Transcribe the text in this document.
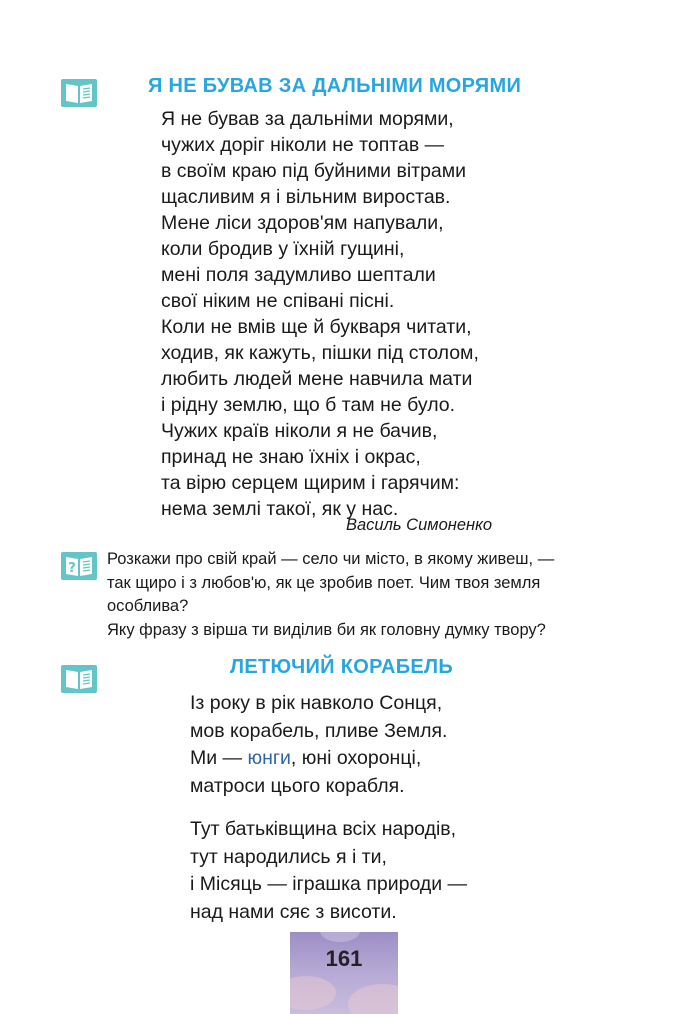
Я НЕ БУВАВ ЗА ДАЛЬНІМИ МОРЯМИ
Я не бував за дальніми морями,
чужих доріг ніколи не топтав —
в своїм краю під буйними вітрами
щасливим я і вільним виростав.
Мене ліси здоров'ям напували,
коли бродив у їхній гущині,
мені поля задумливо шептали
свої ніким не співані пісні.
Коли не вмів ще й букваря читати,
ходив, як кажуть, пішки під столом,
любить людей мене навчила мати
і рідну землю, що б там не було.
Чужих країв ніколи я не бачив,
принад не знаю їхніх і окрас,
та вірю серцем щирим і гарячим:
нема землі такої, як у нас.
Василь Симоненко
?
Розкажи про свій край — село чи місто, в якому живеш, —
так щиро і з любов'ю, як це зробив поет. Чим твоя земля
особлива?
Яку фразу з вірша ти виділив би як головну думку твору?
ЛЕТЮЧИЙ КОРАБЕЛЬ
Із року в рік навколо Сонця,
мов корабель, пливе Земля.
Ми — юнги, юні охоронці,
матроси цього корабля.
Тут батьківщина всіх народів,
тут народились я і ти,
і Місяць — іграшка природи —
над нами сяє з висоти.
161
